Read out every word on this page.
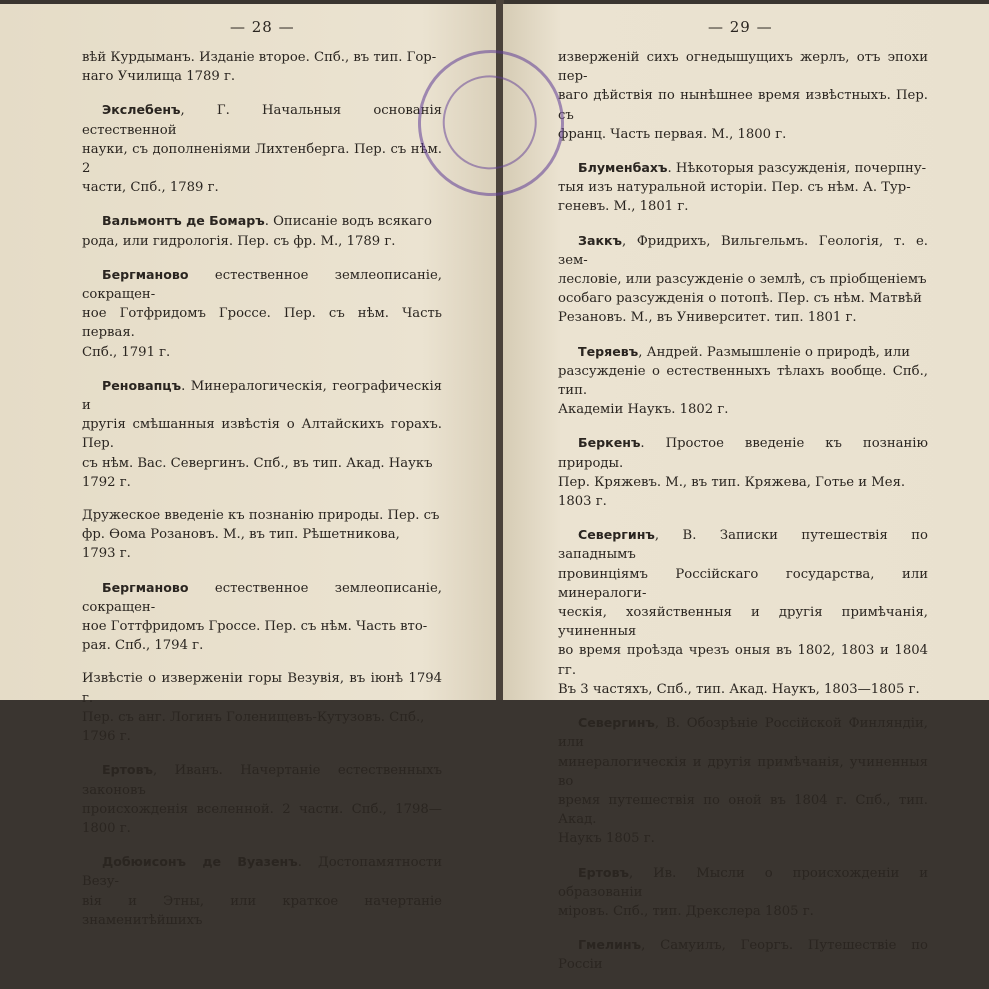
— 28 —
вѣй Курдыманъ. Изданіе второе. Спб., въ тип. Гор-
наго Училища 1789 г.
Экслебенъ, Г. Начальныя основанія естественной
науки, съ дополненіями Лихтенберга. Пер. съ нѣм. 2
части, Спб., 1789 г.
Вальмонтъ де Бомаръ. Описаніе водъ всякаго
рода, или гидрологія. Пер. съ фр. М., 1789 г.
Бергманово естественное землеописаніе, сокращен-
ное Готфридомъ Гроссе. Пер. съ нѣм. Часть первая.
Спб., 1791 г.
Реновапцъ. Минералогическія, географическія и
другія смѣшанныя извѣстія о Алтайскихъ горахъ. Пер.
съ нѣм. Вас. Севергинъ. Спб., въ тип. Акад. Наукъ
1792 г.
Дружеское введеніе къ познанію природы. Пер. съ
фр. Ѳома Розановъ. М., въ тип. Рѣшетникова,
1793 г.
Бергманово естественное землеописаніе, сокращен-
ное Готтфридомъ Гроссе. Пер. съ нѣм. Часть вто-
рая. Спб., 1794 г.
Извѣстіе о изверженіи горы Везувія, въ іюнѣ 1794 г.
Пер. съ анг. Логинъ Голенищевъ-Кутузовъ. Спб.,
1796 г.
Ертовъ, Иванъ. Начертаніе естественныхъ законовъ
происхожденія вселенной. 2 части. Спб., 1798—1800 г.
Добюисонъ де Вуазенъ. Достопамятности Везу-
вія и Этны, или краткое начертаніе знаменитѣйшихъ
— 29 —
изверженій сихъ огнедышущихъ жерлъ, отъ эпохи пер-
ваго дѣйствія по нынѣшнее время извѣстныхъ. Пер. съ
франц. Часть первая. М., 1800 г.
Блуменбахъ. Нѣкоторыя разсужденія, почерпну-
тыя изъ натуральной исторіи. Пер. съ нѣм. А. Тур-
геневъ. М., 1801 г.
Заккъ, Фридрихъ, Вильгельмъ. Геологія, т. е. зем-
лесловіе, или разсужденіе о землѣ, съ пріобщеніемъ
особаго разсужденія о потопѣ. Пер. съ нѣм. Матвѣй
Резановъ. М., въ Университет. тип. 1801 г.
Теряевъ, Андрей. Размышленіе о природѣ, или
разсужденіе о естественныхъ тѣлахъ вообще. Спб., тип.
Академіи Наукъ. 1802 г.
Беркенъ. Простое введеніе къ познанію природы.
Пер. Кряжевъ. М., въ тип. Кряжева, Готье и Мея.
1803 г.
Севергинъ, В. Записки путешествія по западнымъ
провинціямъ Россійскаго государства, или минералоги-
ческія, хозяйственныя и другія примѣчанія, учиненныя
во время проѣзда чрезъ оныя въ 1802, 1803 и 1804 гг.
Въ 3 частяхъ, Спб., тип. Акад. Наукъ, 1803—1805 г.
Севергинъ, В. Обозрѣніе Россійской Финляндіи, или
минералогическія и другія примѣчанія, учиненныя во
время путешествія по оной въ 1804 г. Спб., тип. Акад.
Наукъ 1805 г.
Ертовъ, Ив. Мысли о происхожденіи и образованіи
міровъ. Спб., тип. Дрекслера 1805 г.
Гмелинъ, Самуилъ, Георгъ. Путешествіе по Россіи
